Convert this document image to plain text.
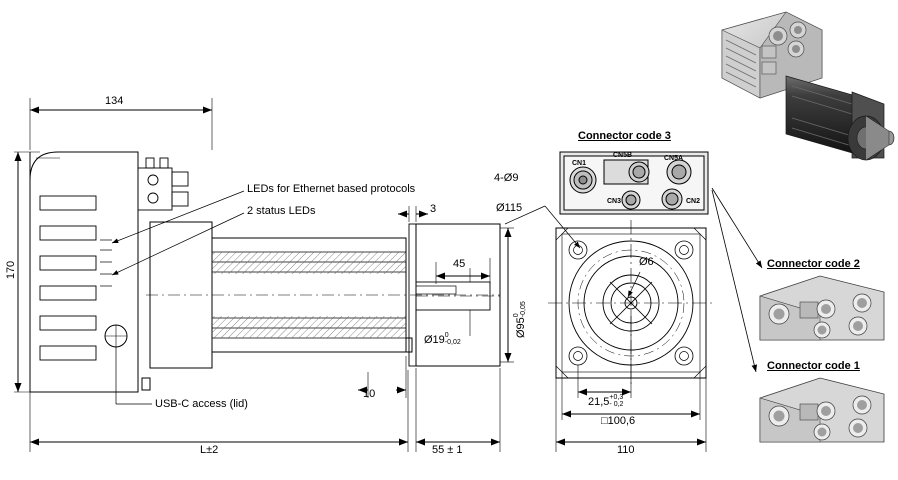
134
170
3
45
10
L±2	55 ± 1
Ø19 0
-0,02
Ø95
0 -0,05
LEDs for Ethernet based protocols
2 status LEDs
USB-C access (lid)
Connector code 3
CN1
CN5B	CN5A
CN3	CN2
4-Ø9
Ø115
Ø6
21,5 +0,3
- 0,2
□100,6
110
Connector code 2
Connector code 1
